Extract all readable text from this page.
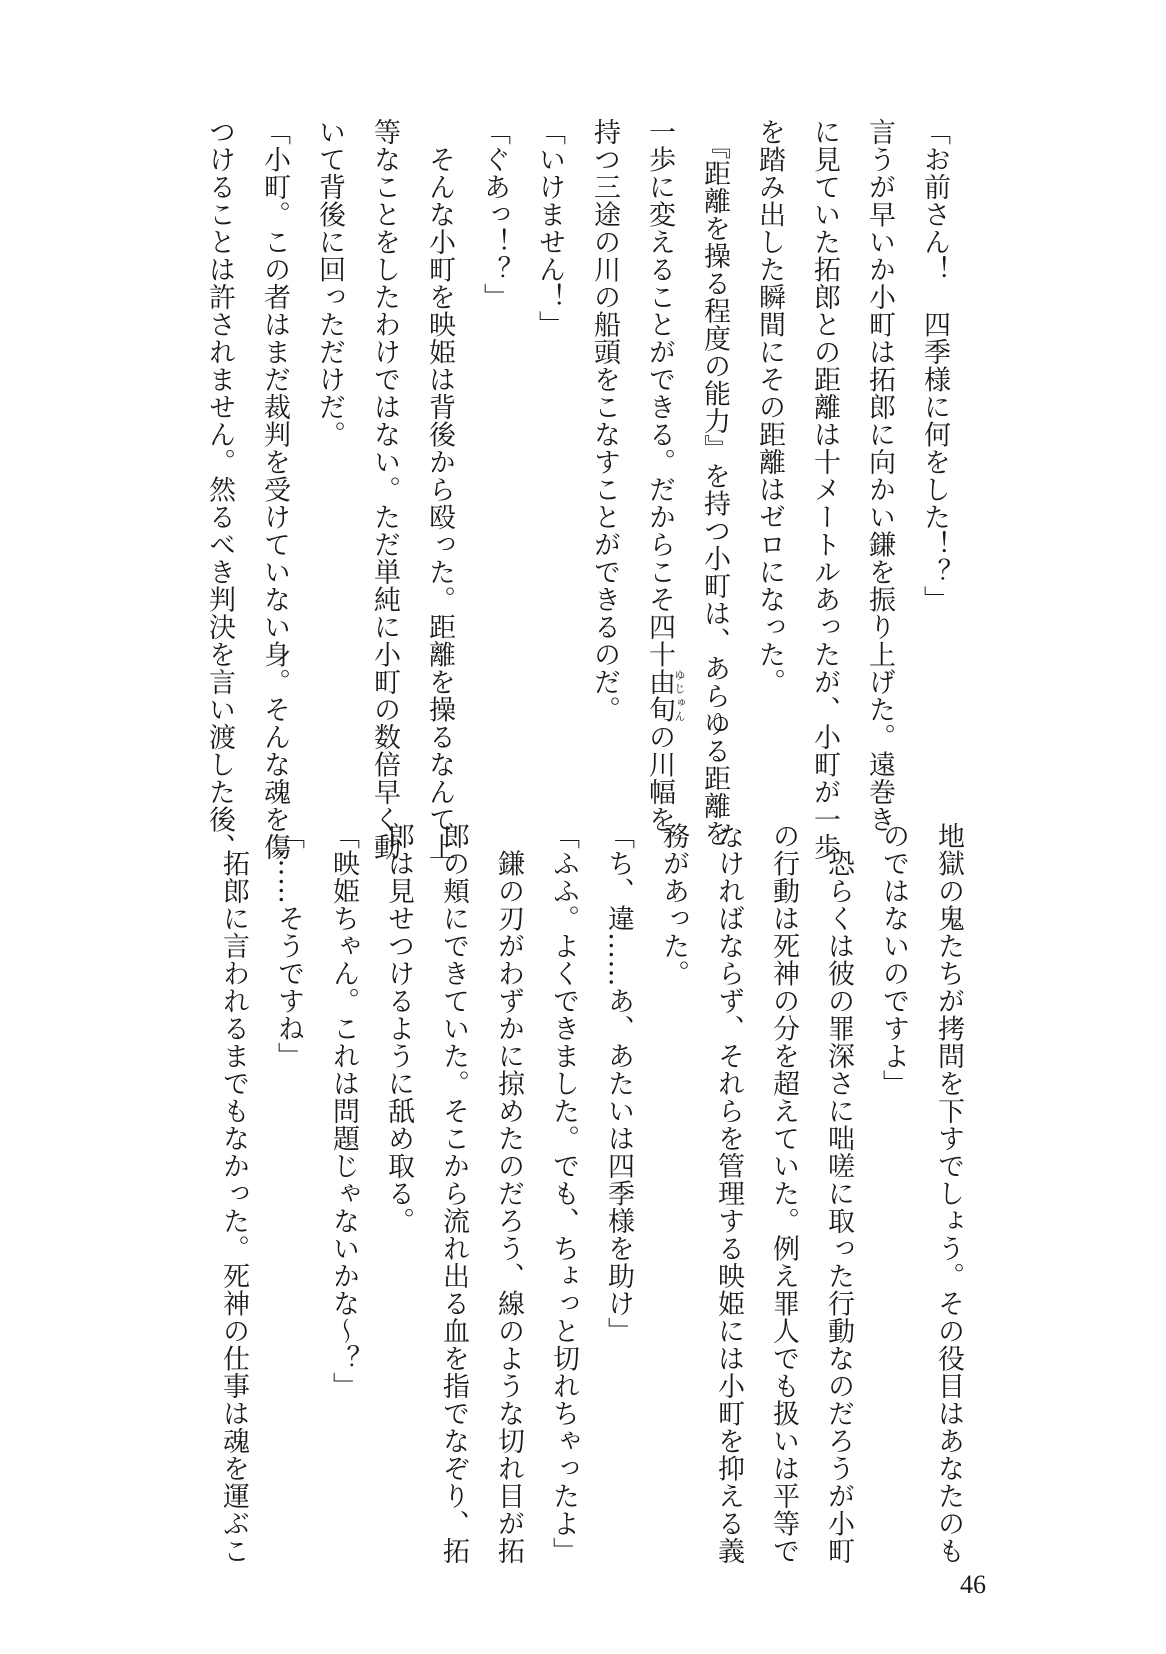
「お前さん！　四季様に何をした！？」
言うが早いか小町は拓郎に向かい鎌を振り上げた。遠巻き
に見ていた拓郎との距離は十メートルあったが、小町が一歩
を踏み出した瞬間にその距離はゼロになった。
　『距離を操る程度の能力』を持つ小町は、あらゆる距離を
一歩に変えることができる。だからこそ四十由旬ゆじゅんの川幅を
持つ三途の川の船頭をこなすことができるのだ。
「いけません！」
「ぐあっ！？」
　そんな小町を映姫は背後から殴った。距離を操るなんて上
等なことをしたわけではない。ただ単純に小町の数倍早く動
いて背後に回っただけだ。
「小町。この者はまだ裁判を受けていない身。そんな魂を傷
つけることは許されません。然るべき判決を言い渡した後、
地獄の鬼たちが拷問を下すでしょう。その役目はあなたのも
のではないのですよ」
　恐らくは彼の罪深さに咄嗟に取った行動なのだろうが小町
の行動は死神の分を超えていた。例え罪人でも扱いは平等で
なければならず、それらを管理する映姫には小町を抑える義
務があった。
「ち、違……あ、あたいは四季様を助け」
「ふふ。よくできました。でも、ちょっと切れちゃったよ」
　鎌の刃がわずかに掠めたのだろう、線のような切れ目が拓
郎の頬にできていた。そこから流れ出る血を指でなぞり、拓
郎は見せつけるように舐め取る。
「映姫ちゃん。これは問題じゃないかな～？」
「……そうですね」
　拓郎に言われるまでもなかった。死神の仕事は魂を運ぶこ
46
